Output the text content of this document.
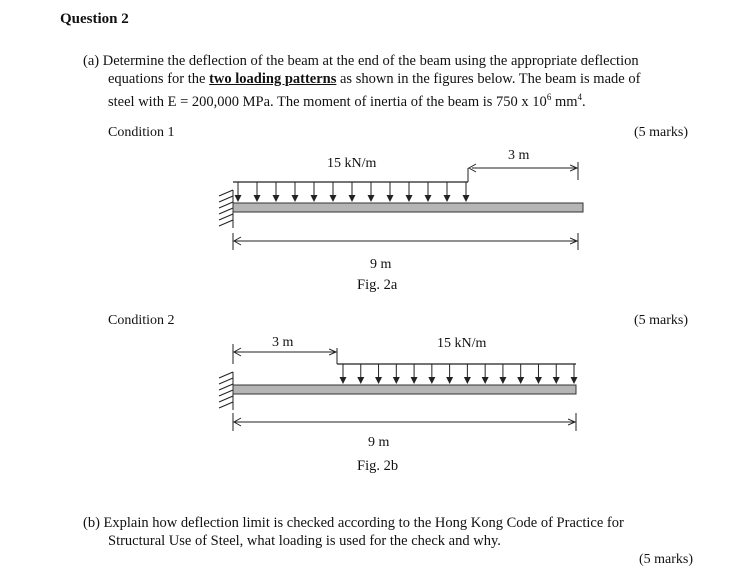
Question 2
(a) Determine the deflection of the beam at the end of the beam using the appropriate deflection
equations for the two loading patterns as shown in the figures below. The beam is made of
steel with E = 200,000 MPa. The moment of inertia of the beam is 750 x $10^6$ $mm^4$.
Condition 1	(5 marks)
Condition 2	(5 marks)
15 kN/m
3 m
9 m
Fig. 2a
3 m	15 kN/m
9 m
Fig. 2b
(b) Explain how deflection limit is checked according to the Hong Kong Code of Practice for
Structural Use of Steel, what loading is used for the check and why.
(5 marks)
